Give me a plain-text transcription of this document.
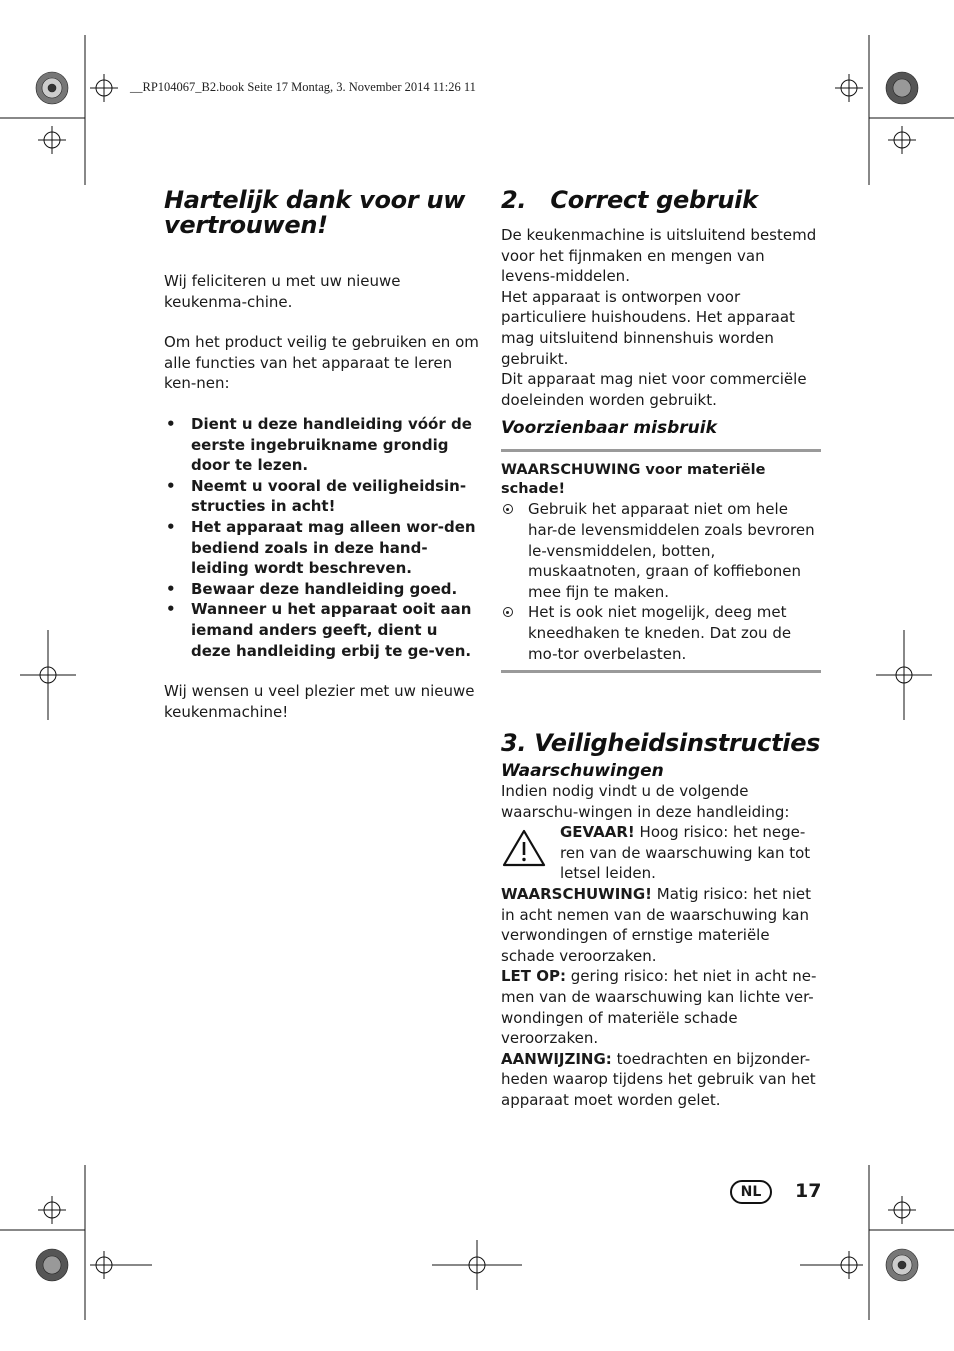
__RP104067_B2.book Seite 17 Montag, 3. November 2014 11:26 11
Hartelijk dank voor uw vertrouwen!

Wij feliciteren u met uw nieuwe keukenma-chine.

Om het product veilig te gebruiken en om alle functies van het apparaat te leren ken-nen:

• Dient u deze handleiding vóór de eerste ingebruikname grondig door te lezen.
• Neemt u vooral de veiligheidsin-structies in acht!
• Het apparaat mag alleen wor-den bediend zoals in deze hand-leiding wordt beschreven.
• Bewaar deze handleiding goed.
• Wanneer u het apparaat ooit aan iemand anders geeft, dient u deze handleiding erbij te ge-ven.

Wij wensen u veel plezier met uw nieuwe keukenmachine!

2.   Correct gebruik

De keukenmachine is uitsluitend bestemd voor het fijnmaken en mengen van levens-middelen.

Het apparaat is ontworpen voor particuliere huishoudens. Het apparaat mag uitsluitend binnenshuis worden gebruikt.

Dit apparaat mag niet voor commerciële doeleinden worden gebruikt.

Voorzienbaar misbruik
WAARSCHUWING voor materiële schade!
Gebruik het apparaat niet om hele har-de levensmiddelen zoals bevroren le-vensmiddelen, botten, muskaatnoten, graan of koffiebonen mee fijn te maken.
Het is ook niet mogelijk, deeg met kneedhaken te kneden. Dat zou de mo-tor overbelasten.
3. Veiligheidsinstructies
Waarschuwingen

Indien nodig vindt u de volgende waarschu-wingen in deze handleiding:

GEVAAR! Hoog risico: het nege-ren van de waarschuwing kan tot letsel leiden.

WAARSCHUWING! Matig risico: het niet in acht nemen van de waarschuwing kan verwondingen of ernstige materiële schade veroorzaken.

LET OP: gering risico: het niet in acht ne-men van de waarschuwing kan lichte ver-wondingen of materiële schade veroorzaken.

AANWIJZING: toedrachten en bijzonder-heden waarop tijdens het gebruik van het apparaat moet worden gelet.

NL	17
